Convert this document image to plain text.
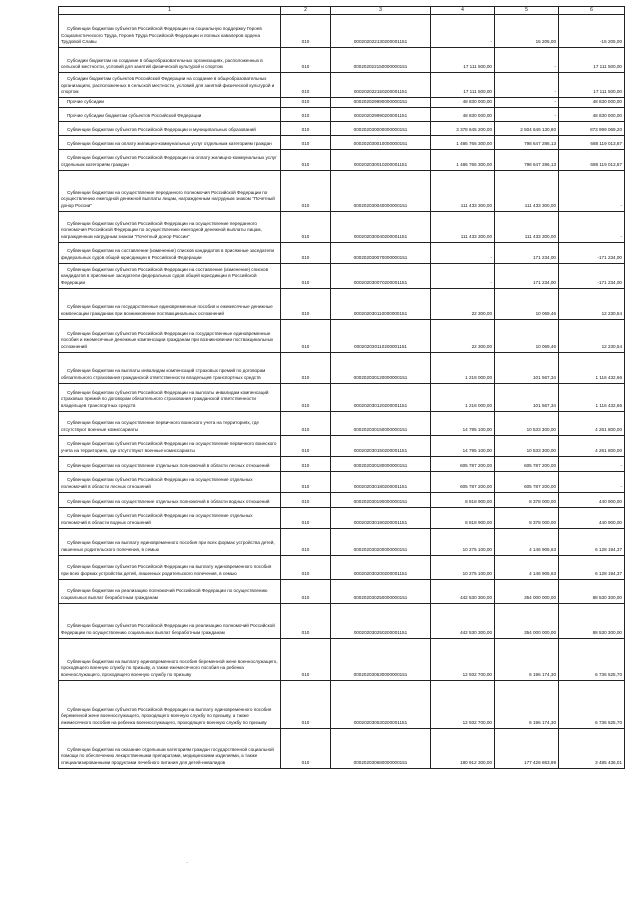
1	2	3	4	5	6
Субвенции бюджетам субъектов Российской Федерации на социальную поддержку Героев Социалистического Труда, Героев Труда Российской Федерации и полных кавалеров ордена Трудовой Славы	010	000202022130200001151	-	15 205,00	-15 205,00
Субсидии бюджетам на создание в общеобразовательных организациях, расположенных в сельской местности, условий для занятий физической культурой и спортом	010	000202022150000000151	17 111 500,00	-	17 111 500,00
Субсидии бюджетам субъектов Российской Федерации на создание в общеобразовательных организациях, расположенных в сельской местности, условий для занятий физической культурой и спортом	010	000202022150200001151	17 111 500,00	-	17 111 500,00
Прочие субсидии	010	000202029990000000151	48 830 000,00	-	48 830 000,00
Прочие субсидии бюджетам субъектов Российской Федерации	010	000202029990200001151	48 830 000,00	-	48 830 000,00
Субвенции бюджетам субъектов Российской Федерации и муниципальных образований	010	000202030000000000151	3 378 645 200,00	2 504 646 130,80	873 999 069,20
Субвенции бюджетам на оплату жилищно-коммунальных услуг отдельным категориям граждан	010	000202030010000000151	1 486 766 300,00	798 647 286,13	688 119 013,87
Субвенции бюджетам субъектов Российской Федерации на оплату жилищно-коммунальных услуг отдельным категориям граждан	010	000202030010200001151	1 486 766 300,00	798 647 286,13	688 119 013,87
Субвенции бюджетам на осуществление переданного полномочия Российской Федерации по осуществлению ежегодной денежной выплаты лицам, награжденным нагрудным знаком "Почетный донор России"	010	000202030040000000151	111 433 300,00	111 433 300,00	-
Субвенции бюджетам субъектов Российской Федерации на осуществление переданного полномочия Российской Федерации по осуществлению ежегодной денежной выплаты лицам, награжденным нагрудным знаком "Почетный донор России"	010	000202030040200001151	111 433 300,00	111 433 300,00	-
Субвенции бюджетам на составление (изменение) списков кандидатов в присяжные заседатели федеральных судов общей юрисдикции в Российской Федерации	010	000202030070000000151	-	171 234,00	-171 234,00
Субвенции бюджетам субъектов Российской Федерации на составление (изменение) списков кандидатов в присяжные заседатели федеральных судов общей юрисдикции в Российской Федерации	010	000202030070200001151	-	171 234,00	-171 234,00
Субвенции бюджетам на государственные единовременные пособия и ежемесячные денежные компенсации гражданам при возникновении поствакцинальных осложнений	010	000202030110000000151	22 300,00	10 069,46	12 230,54
Субвенции бюджетам субъектов Российской Федерации на государственные единовременные пособия и ежемесячные денежные компенсации гражданам при возникновении поствакцинальных осложнений	010	000202030110200001151	22 300,00	10 069,46	12 230,54
Субвенции бюджетам на выплаты инвалидам компенсаций страховых премий по договорам обязательного страхования гражданской ответственности владельцев транспортных средств	010	000202030120000000151	1 218 000,00	101 567,34	1 116 432,66
Субвенции бюджетам субъектов Российской Федерации на выплаты инвалидам компенсаций страховых премий по договорам обязательного страхования гражданской ответственности владельцев транспортных средств	010	000202030120200001151	1 218 000,00	101 567,34	1 116 432,66
Субвенции бюджетам на осуществление первичного воинского учета на территориях, где отсутствуют военные комиссариаты	010	000202030150000000151	14 795 100,00	10 533 300,00	4 261 800,00
Субвенции бюджетам субъектов Российской Федерации на осуществление первичного воинского учета на территориях, где отсутствуют военные комиссариаты	010	000202030150200001151	14 795 100,00	10 533 300,00	4 261 800,00
Субвенции бюджетам на осуществление отдельных полномочий в области лесных отношений	010	000202030180000000151	605 787 200,00	605 787 200,00	-
Субвенции бюджетам субъектов Российской Федерации на осуществление отдельных полномочий в области лесных отношений	010	000202030180200001151	605 787 200,00	605 787 200,00	-
Субвенции бюджетам на осуществление отдельных полномочий в области водных отношений	010	000202030190000000151	8 818 900,00	8 378 000,00	440 900,00
Субвенции бюджетам субъектов Российской Федерации на осуществление отдельных полномочий в области водных отношений	010	000202030190200001151	8 818 900,00	8 378 000,00	440 900,00
Субвенции бюджетам на выплату единовременного пособия при всех формах устройства детей, лишенных родительского попечения, в семью	010	000202030200000000151	10 275 100,00	4 146 905,63	6 128 194,37
Субвенции бюджетам субъектов Российской Федерации на выплату единовременного пособия при всех формах устройства детей, лишенных родительского попечения, в семью	010	000202030200200001151	10 275 100,00	4 146 905,63	6 128 194,37
Субвенции бюджетам на реализацию полномочий Российской Федерации по осуществлению социальных выплат безработным гражданам	010	000202030250000000151	442 530 300,00	354 000 000,00	88 530 300,00
Субвенции бюджетам субъектов Российской Федерации на реализацию полномочий Российской Федерации по осуществлению социальных выплат безработным гражданам	010	000202030250200001151	442 530 300,00	354 000 000,00	88 530 300,00
Субвенции бюджетам на выплату единовременного пособия беременной жене военнослужащего, проходящего военную службу по призыву, а также ежемесячного пособия на ребенка военнослужащего, проходящего военную службу по призыву	010	000202030530000000151	12 932 700,00	6 196 174,30	6 736 525,70
Субвенции бюджетам субъектов Российской Федерации на выплату единовременного пособия беременной жене военнослужащего, проходящего военную службу по призыву, а также ежемесячного пособия на ребенка военнослужащего, проходящего военную службу по призыву	010	000202030530200001151	12 932 700,00	6 196 174,30	6 736 525,70
Субвенции бюджетам на оказание отдельным категориям граждан государственной социальной помощи по обеспечению лекарственными препаратами, медицинскими изделиями, а также специализированными продуктами лечебного питания для детей-инвалидов	010	000202030680000000151	180 912 300,00	177 426 863,99	3 485 436,01
·
